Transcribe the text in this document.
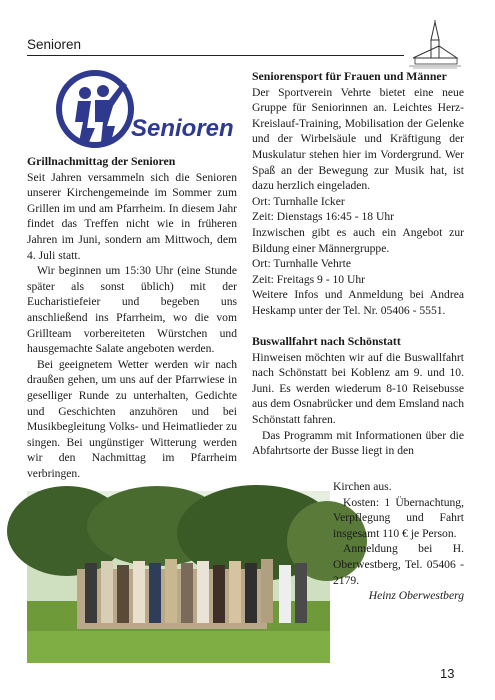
Senioren
Senioren
Grillnachmittag der Senioren

Seit Jahren versammeln sich die Senioren unserer Kirchengemeinde im Sommer zum Grillen im und am Pfarrheim. In diesem Jahr findet das Treffen nicht wie in früheren Jahren im Juni, sondern am Mittwoch, dem 4. Juli statt.

Wir beginnen um 15:30 Uhr (eine Stunde später als sonst üblich) mit der Eucharistiefeier und begeben uns anschließend ins Pfarrheim, wo die vom Grillteam vorbereiteten Würstchen und hausgemachte Salate angeboten werden.

Bei geeignetem Wetter werden wir nach draußen gehen, um uns auf der Pfarrwiese in geselliger Runde zu unterhalten, Gedichte und Geschichten anzuhören und bei Musikbegleitung Volks- und Heimatlieder zu singen. Bei ungünstiger Witterung werden wir den Nachmittag im Pfarrheim verbringen.

Seniorensport für Frauen und Männer

Der Sportverein Vehrte bietet eine neue Gruppe für Seniorinnen an. Leichtes Herz-Kreislauf-Training, Mobilisation der Gelenke und der Wirbelsäule und Kräftigung der Muskulatur stehen hier im Vordergrund. Wer Spaß an der Bewegung zur Musik hat, ist dazu herzlich eingeladen.

Ort: Turnhalle Icker

Zeit: Dienstags 16:45 - 18 Uhr

Inzwischen gibt es auch ein Angebot zur Bildung einer Männergruppe.

Ort: Turnhalle Vehrte

Zeit: Freitags 9 - 10 Uhr

Weitere Infos und Anmeldung bei Andrea Heskamp unter der Tel. Nr. 05406 - 5551.

Buswallfahrt nach Schönstatt

Hinweisen möchten wir auf die Buswallfahrt nach Schönstatt bei Koblenz am 9. und 10. Juni. Es werden wiederum 8-10 Reisebusse aus dem Osnabrücker und dem Emsland nach Schönstatt fahren.

Das Programm mit Informationen über die Abfahrtsorte der Busse liegt in den

Kirchen aus.

Kosten: 1 Übernachtung, Verpflegung und Fahrt insgesamt 110 € je Person.

Anmeldung bei H. Oberwestberg, Tel. 05406 - 2179.

Heinz Oberwestberg

13
